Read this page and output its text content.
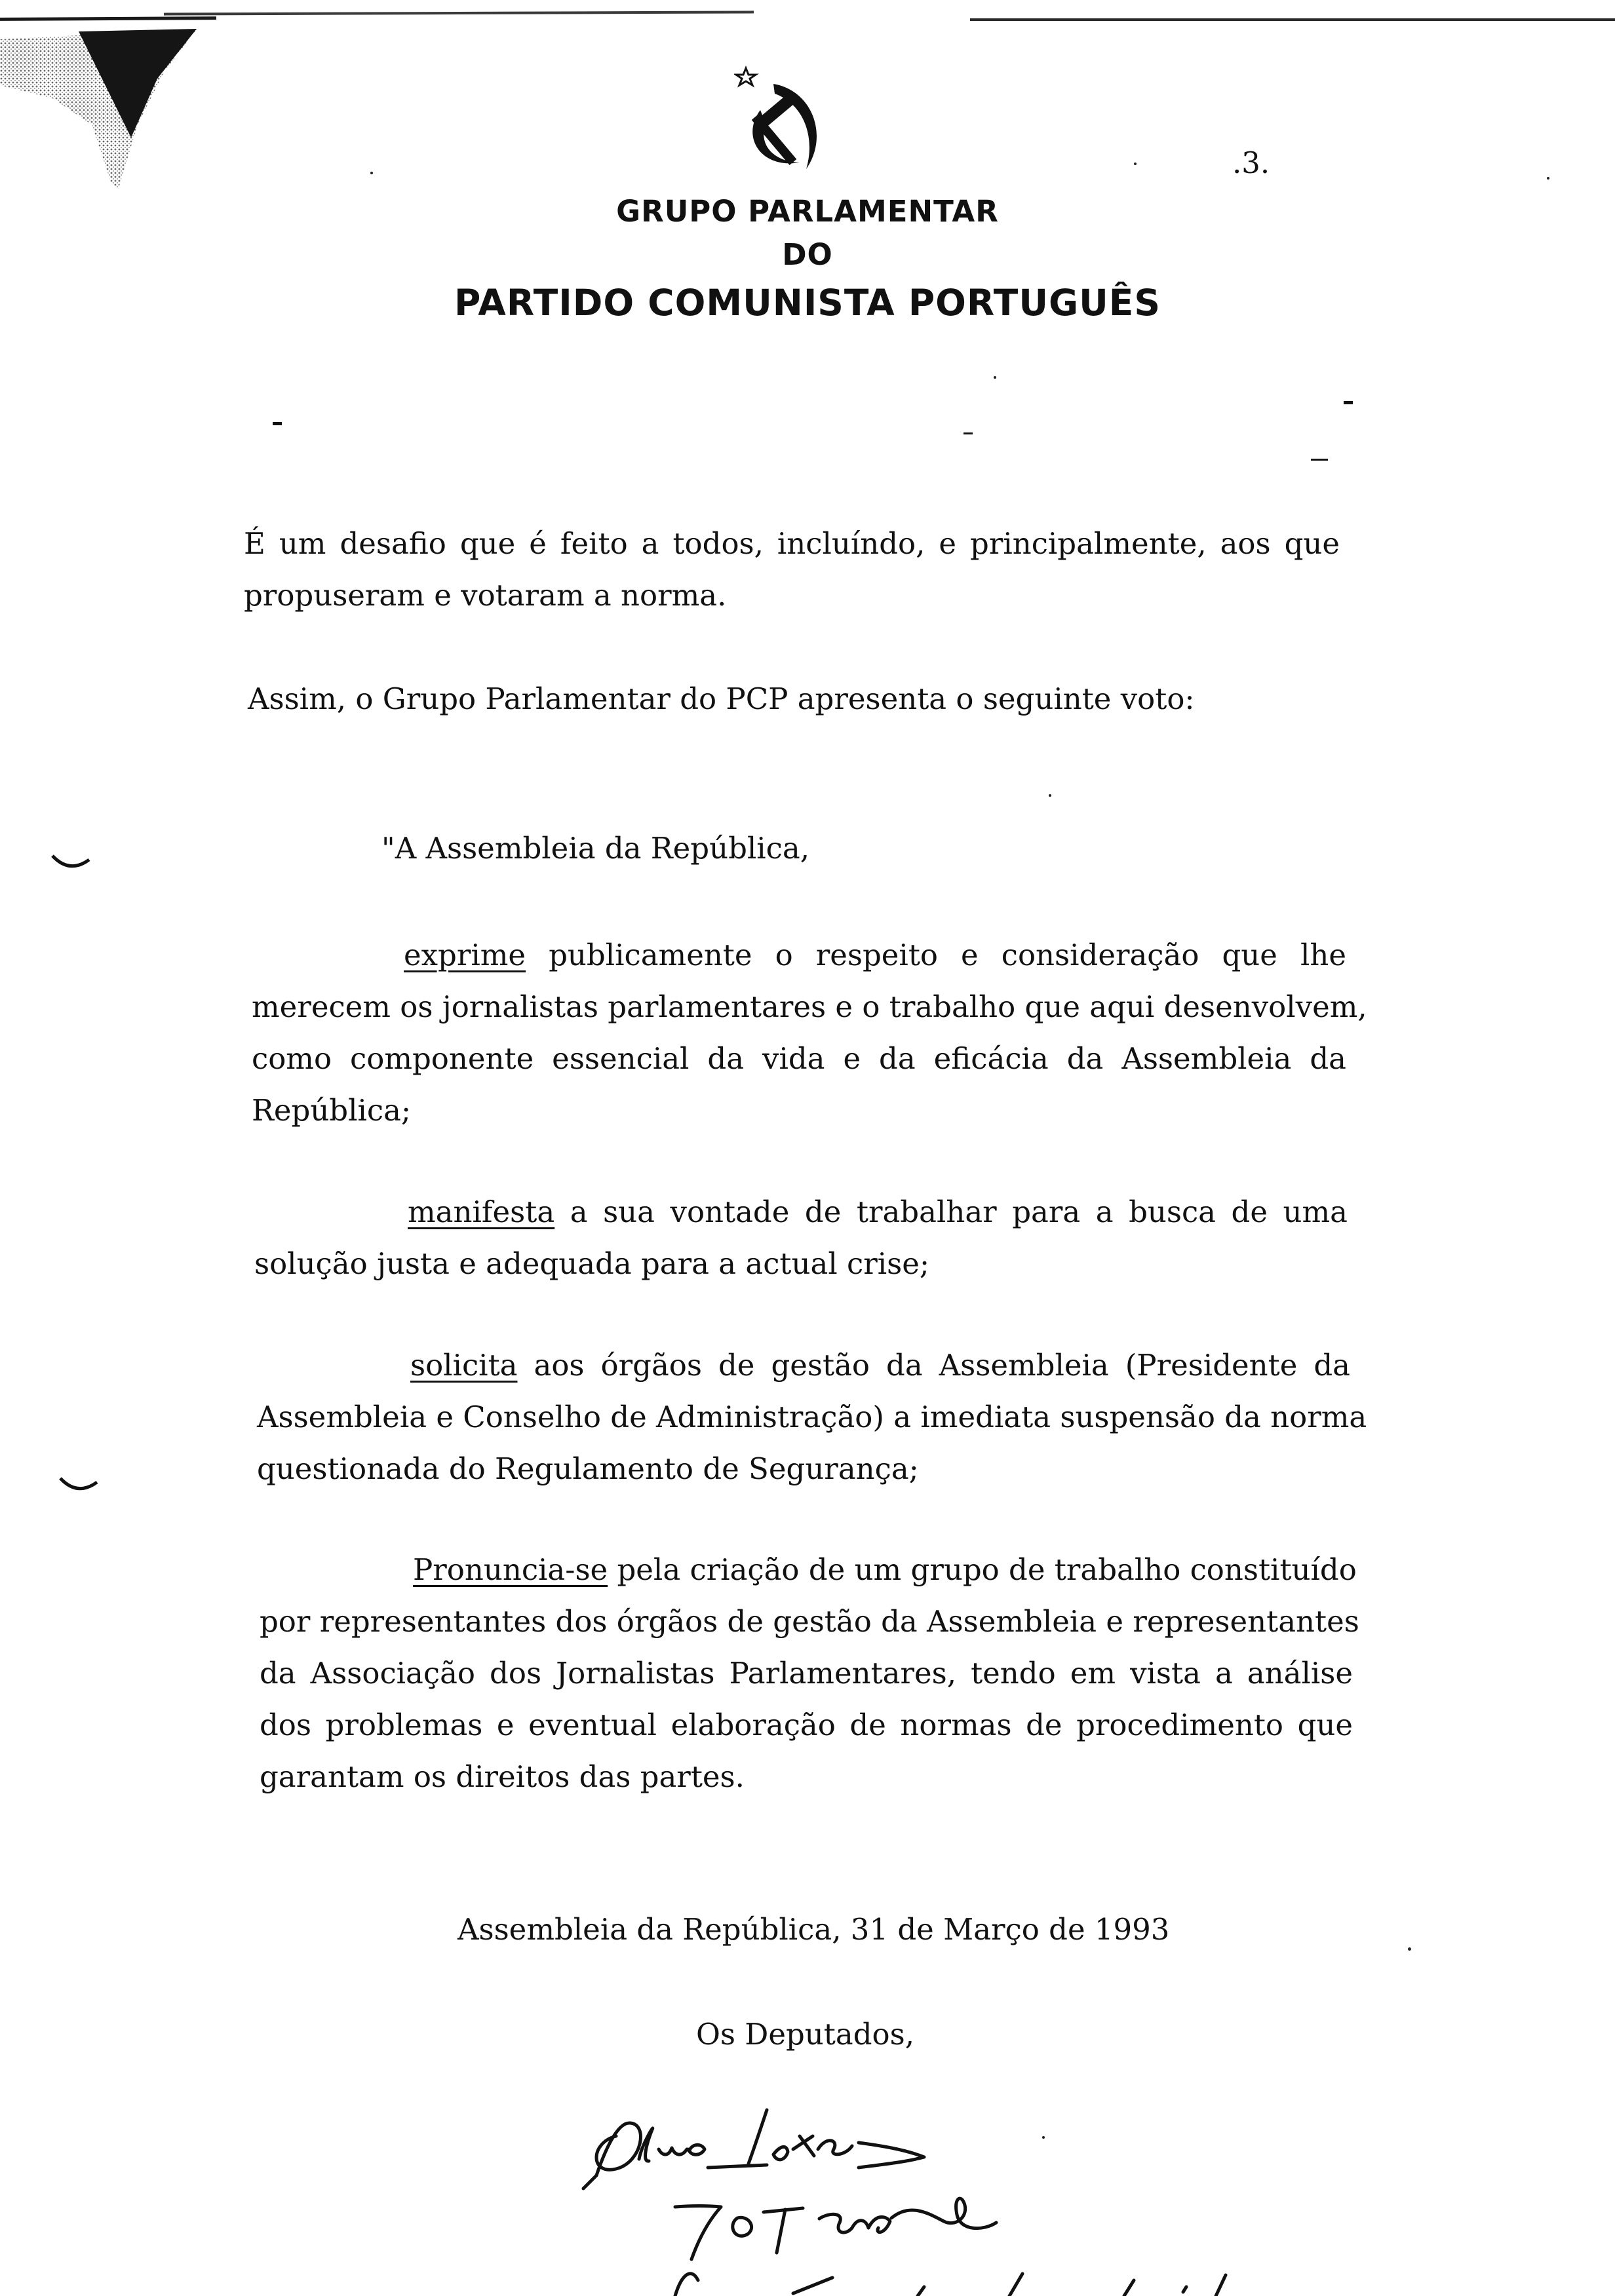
GRUPO PARLAMENTAR
DO
PARTIDO COMUNISTA PORTUGUÊS
.3.
É um desafio que é feito a todos, incluíndo, e principalmente, aos que
propuseram e votaram a norma.
Assim, o Grupo Parlamentar do PCP apresenta o seguinte voto:
"A Assembleia da República,
exprime publicamente o respeito e consideração que lhe
merecem os jornalistas parlamentares e o trabalho que aqui desenvolvem,
como componente essencial da vida e da eficácia da Assembleia da
República;
manifesta a sua vontade de trabalhar para a busca de uma
solução justa e adequada para a actual crise;
solicita aos órgãos de gestão da Assembleia (Presidente da
Assembleia e Conselho de Administração) a imediata suspensão da norma
questionada do Regulamento de Segurança;
Pronuncia-se pela criação de um grupo de trabalho constituído
por representantes dos órgãos de gestão da Assembleia e representantes
da Associação dos Jornalistas Parlamentares, tendo em vista a análise
dos problemas e eventual elaboração de normas de procedimento que
garantam os direitos das partes.
Assembleia da República, 31 de Março de 1993
Os Deputados,
